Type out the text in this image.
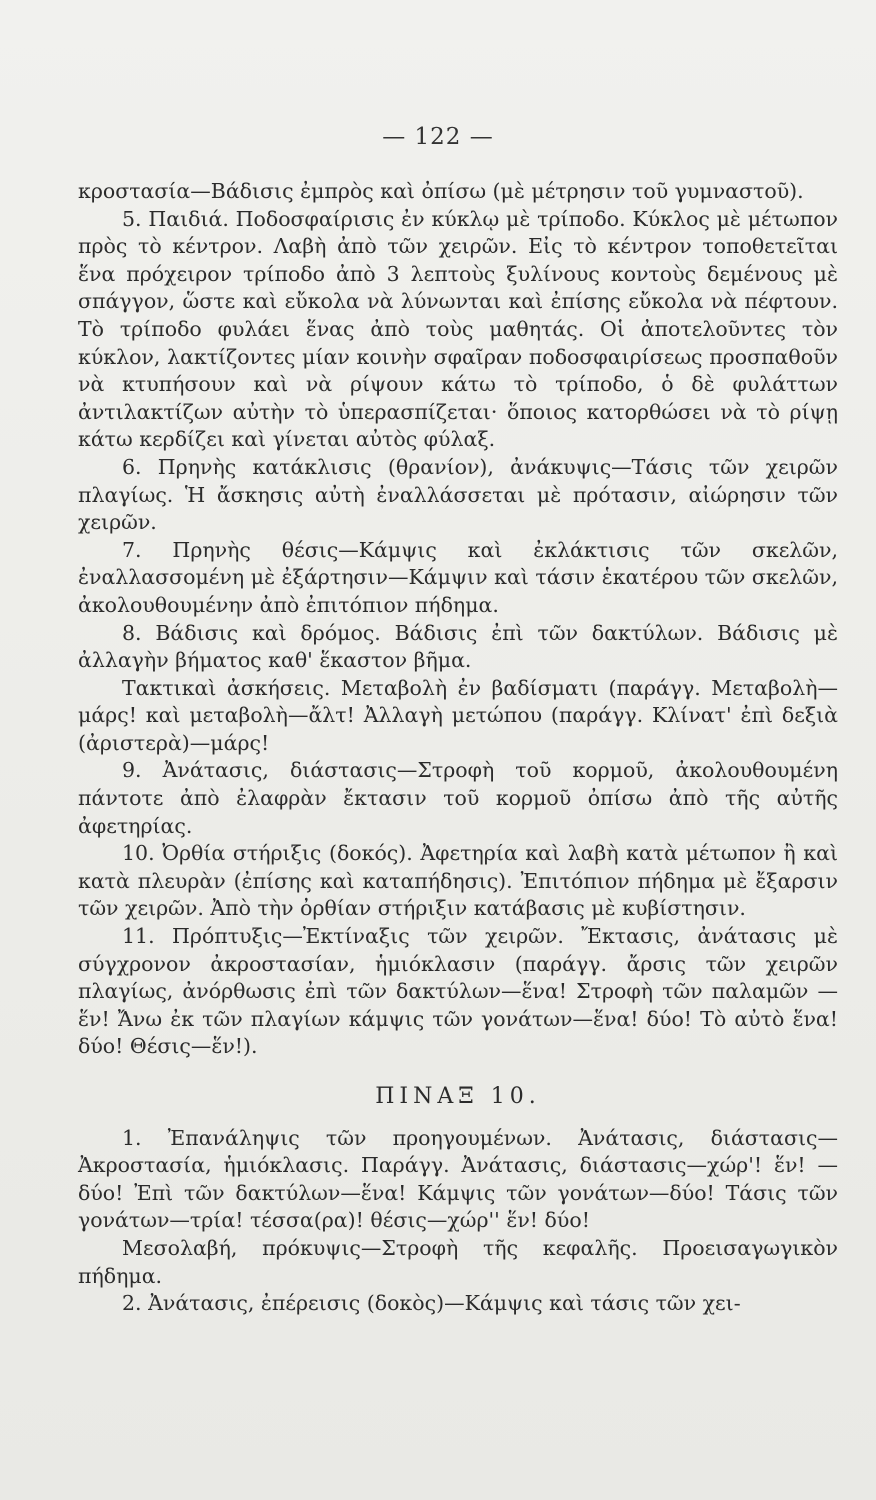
— 122 —

κροστασία—Βάδισις ἐμπρὸς καὶ ὀπίσω (μὲ μέτρησιν τοῦ γυμναστοῦ).

5. Παιδιά. Ποδοσφαίρισις ἐν κύκλῳ μὲ τρίποδο. Κύκλος μὲ μέτωπον πρὸς τὸ κέντρον. Λαβὴ ἀπὸ τῶν χειρῶν. Εἰς τὸ κέντρον τοποθετεῖται ἕνα πρόχειρον τρίποδο ἀπὸ 3 λεπτοὺς ξυλίνους κοντοὺς δεμένους μὲ σπάγγον, ὥστε καὶ εὔκολα νὰ λύνωνται καὶ ἐπίσης εὔκολα νὰ πέφτουν. Τὸ τρίποδο φυλάει ἕνας ἀπὸ τοὺς μαθητάς. Οἱ ἀποτελοῦντες τὸν κύκλον, λακτίζοντες μίαν κοινὴν σφαῖραν ποδοσφαιρίσεως προσπαθοῦν νὰ κτυπήσουν καὶ νὰ ρίψουν κάτω τὸ τρίποδο, ὁ δὲ φυλάττων ἀντιλακτίζων αὐτὴν τὸ ὑπερασπίζεται· ὅποιος κατορθώσει νὰ τὸ ρίψῃ κάτω κερδίζει καὶ γίνεται αὐτὸς φύλαξ.

6. Πρηνὴς κατάκλισις (θρανίον), ἀνάκυψις—Τάσις τῶν χειρῶν πλαγίως. Ἡ ἄσκησις αὐτὴ ἐναλλάσσεται μὲ πρότασιν, αἰώρησιν τῶν χειρῶν.

7. Πρηνὴς θέσις—Κάμψις καὶ ἐκλάκτισις τῶν σκελῶν, ἐναλλασσομένη μὲ ἐξάρτησιν—Κάμψιν καὶ τάσιν ἑκατέρου τῶν σκελῶν, ἀκολουθουμένην ἀπὸ ἐπιτόπιον πήδημα.

8. Βάδισις καὶ δρόμος. Βάδισις ἐπὶ τῶν δακτύλων. Βάδισις μὲ ἀλλαγὴν βήματος καθ' ἕκαστον βῆμα.

Τακτικαὶ ἀσκήσεις. Μεταβολὴ ἐν βαδίσματι (παράγγ. Μεταβολὴ—μάρς! καὶ μεταβολὴ—ἄλτ! Ἀλλαγὴ μετώπου (παράγγ. Κλίνατ' ἐπὶ δεξιὰ (ἀριστερὰ)—μάρς!

9. Ἀνάτασις, διάστασις—Στροφὴ τοῦ κορμοῦ, ἀκολουθουμένη πάντοτε ἀπὸ ἐλαφρὰν ἔκτασιν τοῦ κορμοῦ ὀπίσω ἀπὸ τῆς αὐτῆς ἀφετηρίας.

10. Ὀρθία στήριξις (δοκός). Ἀφετηρία καὶ λαβὴ κατὰ μέτωπον ἢ καὶ κατὰ πλευρὰν (ἐπίσης καὶ καταπήδησις). Ἐπιτόπιον πήδημα μὲ ἔξαρσιν τῶν χειρῶν. Ἀπὸ τὴν ὀρθίαν στήριξιν κατάβασις μὲ κυβίστησιν.

11. Πρόπτυξις—Ἐκτίναξις τῶν χειρῶν. Ἔκτασις, ἀνάτασις μὲ σύγχρονον ἀκροστασίαν, ἡμιόκλασιν (παράγγ. ἄρσις τῶν χειρῶν πλαγίως, ἀνόρθωσις ἐπὶ τῶν δακτύλων—ἕνα! Στροφὴ τῶν παλαμῶν —ἕν! Ἄνω ἐκ τῶν πλαγίων κάμψις τῶν γονάτων—ἕνα! δύο! Τὸ αὐτὸ ἕνα! δύο! Θέσις—ἕν!).

ΠΙΝΑΞ 10.

1. Ἐπανάληψις τῶν προηγουμένων. Ἀνάτασις, διάστασις—Ἀκροστασία, ἡμιόκλασις. Παράγγ. Ἀνάτασις, διάστασις—χώρ'! ἕν! —δύο! Ἐπὶ τῶν δακτύλων—ἕνα! Κάμψις τῶν γονάτων—δύο! Τάσις τῶν γονάτων—τρία! τέσσα(ρα)! θέσις—χώρ'' ἕν! δύο!

Μεσολαβή, πρόκυψις—Στροφὴ τῆς κεφαλῆς. Προεισαγωγικὸν πήδημα.

2. Ἀνάτασις, ἐπέρεισις (δοκὸς)—Κάμψις καὶ τάσις τῶν χει-
